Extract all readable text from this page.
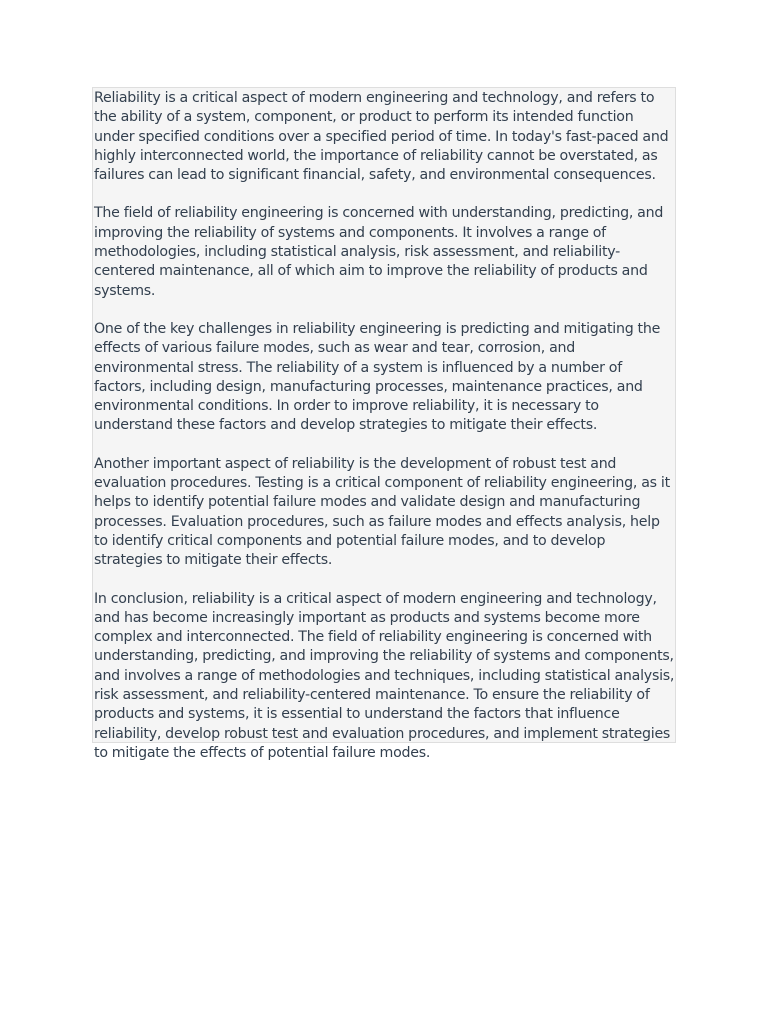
Reliability is a critical aspect of modern engineering and technology, and refers to the ability of a system, component, or product to perform its intended function under specified conditions over a specified period of time. In today's fast-paced and highly interconnected world, the importance of reliability cannot be overstated, as failures can lead to significant financial, safety, and environmental consequences.

The field of reliability engineering is concerned with understanding, predicting, and improving the reliability of systems and components. It involves a range of methodologies, including statistical analysis, risk assessment, and reliability-centered maintenance, all of which aim to improve the reliability of products and systems.

One of the key challenges in reliability engineering is predicting and mitigating the effects of various failure modes, such as wear and tear, corrosion, and environmental stress. The reliability of a system is influenced by a number of factors, including design, manufacturing processes, maintenance practices, and environmental conditions. In order to improve reliability, it is necessary to understand these factors and develop strategies to mitigate their effects.

Another important aspect of reliability is the development of robust test and evaluation procedures. Testing is a critical component of reliability engineering, as it helps to identify potential failure modes and validate design and manufacturing processes. Evaluation procedures, such as failure modes and effects analysis, help to identify critical components and potential failure modes, and to develop strategies to mitigate their effects.

In conclusion, reliability is a critical aspect of modern engineering and technology, and has become increasingly important as products and systems become more complex and interconnected. The field of reliability engineering is concerned with understanding, predicting, and improving the reliability of systems and components, and involves a range of methodologies and techniques, including statistical analysis, risk assessment, and reliability-centered maintenance. To ensure the reliability of products and systems, it is essential to understand the factors that influence reliability, develop robust test and evaluation procedures, and implement strategies to mitigate the effects of potential failure modes.
